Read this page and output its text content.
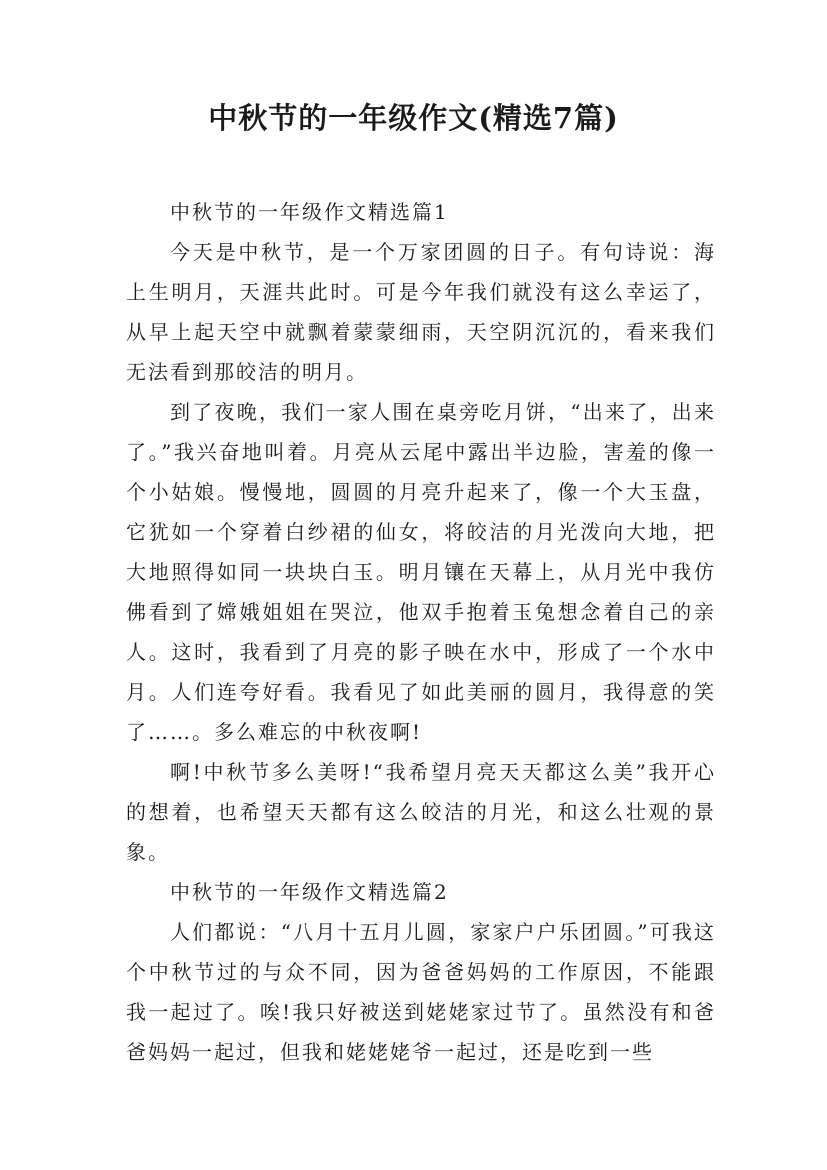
中秋节的一年级作文(精选7篇)

中秋节的一年级作文精选篇1

今天是中秋节，是一个万家团圆的日子。有句诗说：海上生明月，天涯共此时。可是今年我们就没有这么幸运了，从早上起天空中就飘着蒙蒙细雨，天空阴沉沉的，看来我们无法看到那皎洁的明月。

到了夜晚，我们一家人围在桌旁吃月饼，“出来了，出来了。”我兴奋地叫着。月亮从云尾中露出半边脸，害羞的像一个小姑娘。慢慢地，圆圆的月亮升起来了，像一个大玉盘，它犹如一个穿着白纱裙的仙女，将皎洁的月光泼向大地，把大地照得如同一块块白玉。明月镶在天幕上，从月光中我仿佛看到了嫦娥姐姐在哭泣，他双手抱着玉兔想念着自己的亲人。这时，我看到了月亮的影子映在水中，形成了一个水中月。人们连夸好看。我看见了如此美丽的圆月，我得意的笑了……。多么难忘的中秋夜啊!

啊!中秋节多么美呀!“我希望月亮天天都这么美”我开心的想着，也希望天天都有这么皎洁的月光，和这么壮观的景象。

中秋节的一年级作文精选篇2

人们都说：“八月十五月儿圆，家家户户乐团圆。”可我这个中秋节过的与众不同，因为爸爸妈妈的工作原因，不能跟我一起过了。唉!我只好被送到姥姥家过节了。虽然没有和爸爸妈妈一起过，但我和姥姥姥爷一起过，还是吃到一些
